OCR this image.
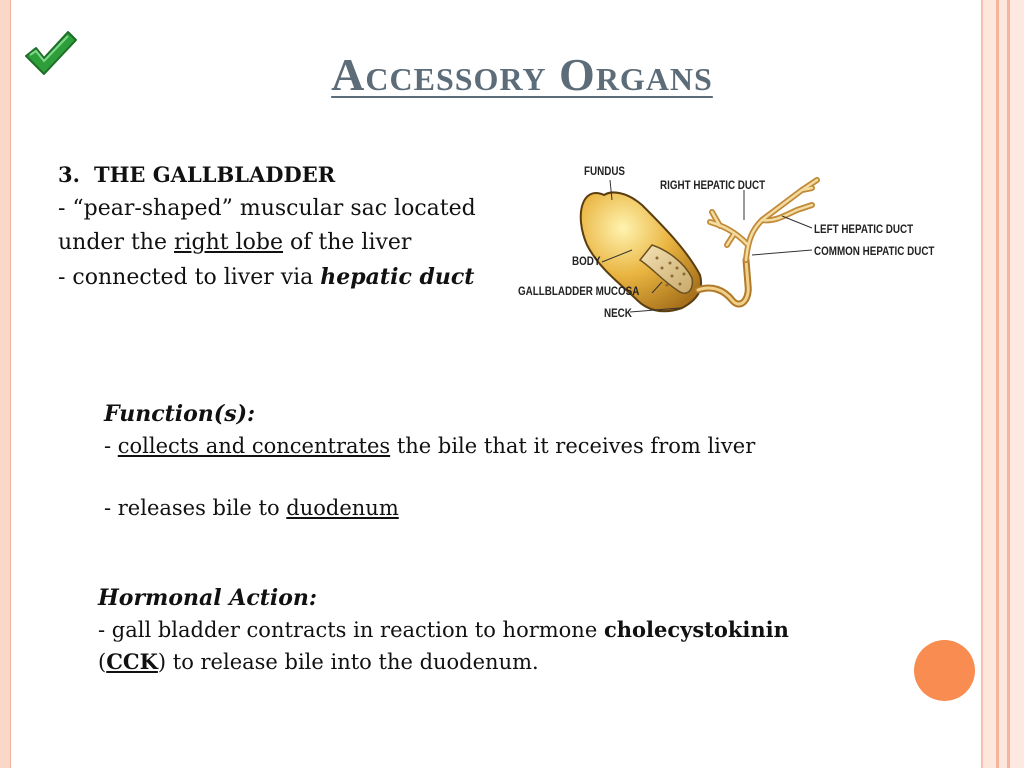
Accessory Organs
3. THE GALLBLADDER
- “pear-shaped” muscular sac located under the right lobe of the liver
- connected to liver via hepatic duct
FUNDUS
RIGHT HEPATIC DUCT
LEFT HEPATIC DUCT
COMMON HEPATIC DUCT
BODY
GALLBLADDER MUCOSA
NECK
Function(s):
- collects and concentrates the bile that it receives from liver
- releases bile to duodenum
Hormonal Action:
- gall bladder contracts in reaction to hormone cholecystokinin
(CCK) to release bile into the duodenum.
